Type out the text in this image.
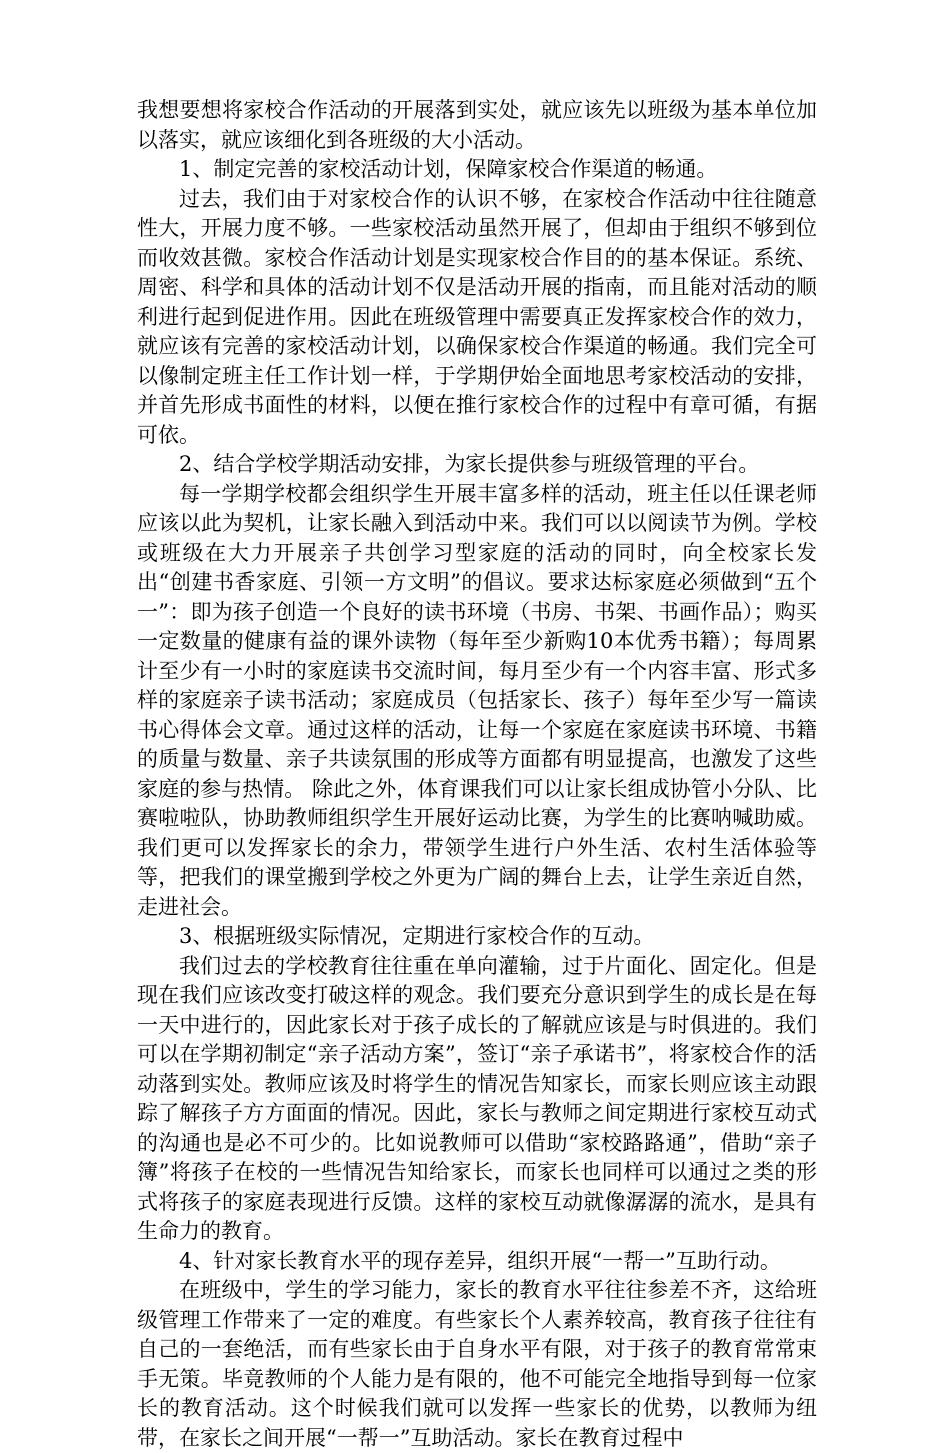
我想要想将家校合作活动的开展落到实处，就应该先以班级为基本单位加以落实，就应该细化到各班级的大小活动。

1、制定完善的家校活动计划，保障家校合作渠道的畅通。

过去，我们由于对家校合作的认识不够，在家校合作活动中往往随意性大，开展力度不够。一些家校活动虽然开展了，但却由于组织不够到位而收效甚微。家校合作活动计划是实现家校合作目的的基本保证。系统、周密、科学和具体的活动计划不仅是活动开展的指南，而且能对活动的顺利进行起到促进作用。因此在班级管理中需要真正发挥家校合作的效力，就应该有完善的家校活动计划，以确保家校合作渠道的畅通。我们完全可以像制定班主任工作计划一样，于学期伊始全面地思考家校活动的安排，并首先形成书面性的材料，以便在推行家校合作的过程中有章可循，有据可依。

2、结合学校学期活动安排，为家长提供参与班级管理的平台。

每一学期学校都会组织学生开展丰富多样的活动，班主任以任课老师应该以此为契机，让家长融入到活动中来。我们可以以阅读节为例。学校或班级在大力开展亲子共创学习型家庭的活动的同时，向全校家长发出“创建书香家庭、引领一方文明”的倡议。要求达标家庭必须做到“五个一”：即为孩子创造一个良好的读书环境（书房、书架、书画作品）；购买一定数量的健康有益的课外读物（每年至少新购10本优秀书籍）；每周累计至少有一小时的家庭读书交流时间，每月至少有一个内容丰富、形式多样的家庭亲子读书活动；家庭成员（包括家长、孩子）每年至少写一篇读书心得体会文章。通过这样的活动，让每一个家庭在家庭读书环境、书籍的质量与数量、亲子共读氛围的形成等方面都有明显提高，也激发了这些家庭的参与热情。 除此之外，体育课我们可以让家长组成协管小分队、比赛啦啦队，协助教师组织学生开展好运动比赛，为学生的比赛呐喊助威。我们更可以发挥家长的余力，带领学生进行户外生活、农村生活体验等等，把我们的课堂搬到学校之外更为广阔的舞台上去，让学生亲近自然，走进社会。

3、根据班级实际情况，定期进行家校合作的互动。

我们过去的学校教育往往重在单向灌输，过于片面化、固定化。但是现在我们应该改变打破这样的观念。我们要充分意识到学生的成长是在每一天中进行的，因此家长对于孩子成长的了解就应该是与时俱进的。我们可以在学期初制定“亲子活动方案”，签订“亲子承诺书”，将家校合作的活动落到实处。教师应该及时将学生的情况告知家长，而家长则应该主动跟踪了解孩子方方面面的情况。因此，家长与教师之间定期进行家校互动式的沟通也是必不可少的。比如说教师可以借助“家校路路通”，借助“亲子簿”将孩子在校的一些情况告知给家长，而家长也同样可以通过之类的形式将孩子的家庭表现进行反馈。这样的家校互动就像潺潺的流水，是具有生命力的教育。

4、针对家长教育水平的现存差异，组织开展“一帮一”互助行动。

在班级中，学生的学习能力，家长的教育水平往往参差不齐，这给班级管理工作带来了一定的难度。有些家长个人素养较高，教育孩子往往有自己的一套绝活，而有些家长由于自身水平有限，对于孩子的教育常常束手无策。毕竟教师的个人能力是有限的，他不可能完全地指导到每一位家长的教育活动。这个时候我们就可以发挥一些家长的优势，以教师为纽带，在家长之间开展“一帮一”互助活动。家长在教育过程中
